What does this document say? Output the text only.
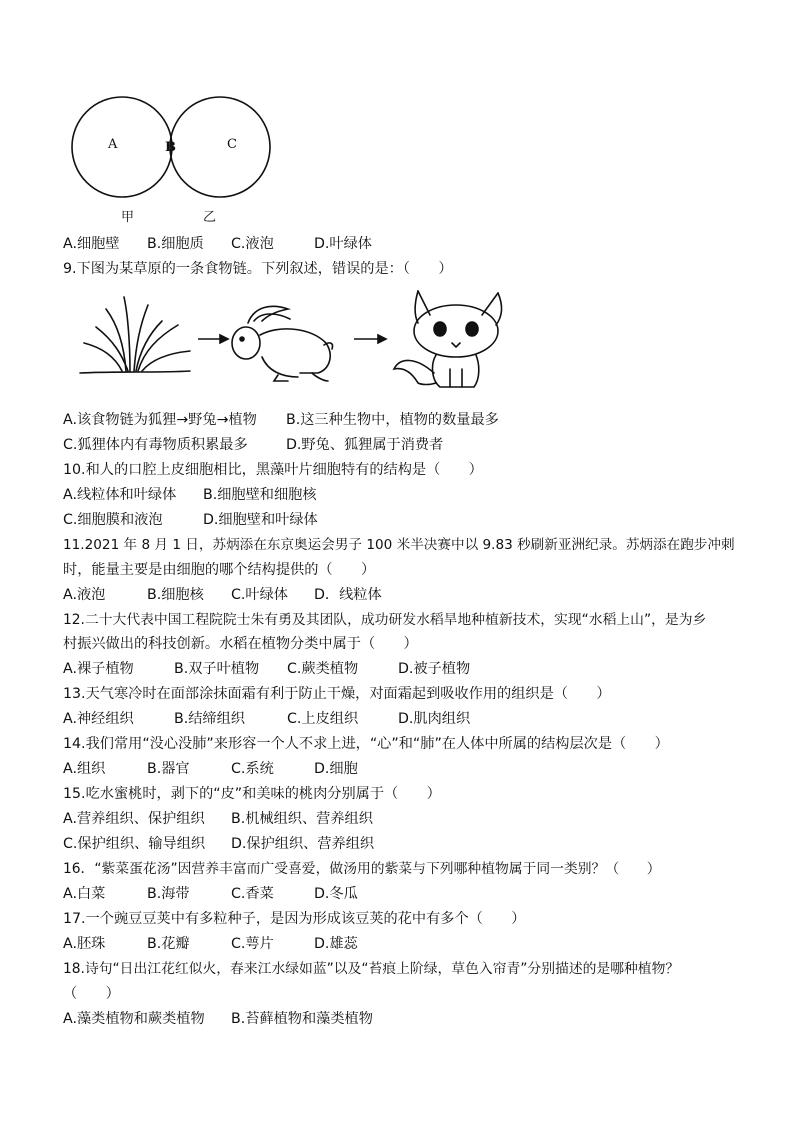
A	B	C
甲	乙
A.细胞壁 B.细胞质 C.液泡	D.叶绿体
9.下图为某草原的一条食物链。下列叙述，错误的是：（　　）
A.该食物链为狐狸→野兔→植物 B.这三种生物中，植物的数量最多
C.狐狸体内有毒物质积累最多	D.野兔、狐狸属于消费者
10.和人的口腔上皮细胞相比，黑藻叶片细胞特有的结构是（　　）
A.线粒体和叶绿体 B.细胞壁和细胞核
C.细胞膜和液泡	D.细胞壁和叶绿体
11.2021 年 8 月 1 日，苏炳添在东京奥运会男子 100 米半决赛中以 9.83 秒刷新亚洲纪录。苏炳添在跑步冲刺
时，能量主要是由细胞的哪个结构提供的（　　）
A.液泡	B.细胞核 C.叶绿体 D．线粒体
12.二十大代表中国工程院院士朱有勇及其团队，成功研发水稻旱地种植新技术，实现“水稻上山”，是为乡
村振兴做出的科技创新。水稻在植物分类中属于（　　）
A.裸子植物	B.双子叶植物 C.蕨类植物	D.被子植物
13.天气寒冷时在面部涂抹面霜有利于防止干燥，对面霜起到吸收作用的组织是（　　）
A.神经组织	B.结缔组织	C.上皮组织	D.肌肉组织
14.我们常用“没心没肺”来形容一个人不求上进，“心”和“肺”在人体中所属的结构层次是（　　）
A.组织	B.器官	C.系统	D.细胞
15.吃水蜜桃时，剥下的“皮”和美味的桃肉分别属于（　　）
A.营养组织、保护组织 B.机械组织、营养组织
C.保护组织、输导组织 D.保护组织、营养组织
16．“紫菜蛋花汤”因营养丰富而广受喜爱，做汤用的紫菜与下列哪种植物属于同一类别？（　　）
A.白菜	B.海带	C.香菜	D.冬瓜
17.一个豌豆豆荚中有多粒种子，是因为形成该豆荚的花中有多个（　　）
A.胚珠	B.花瓣	C.萼片	D.雄蕊
18.诗句“日出江花红似火，春来江水绿如蓝”以及“苔痕上阶绿，草色入帘青”分别描述的是哪种植物？
（　　）
A.藻类植物和蕨类植物 B.苔藓植物和藻类植物
